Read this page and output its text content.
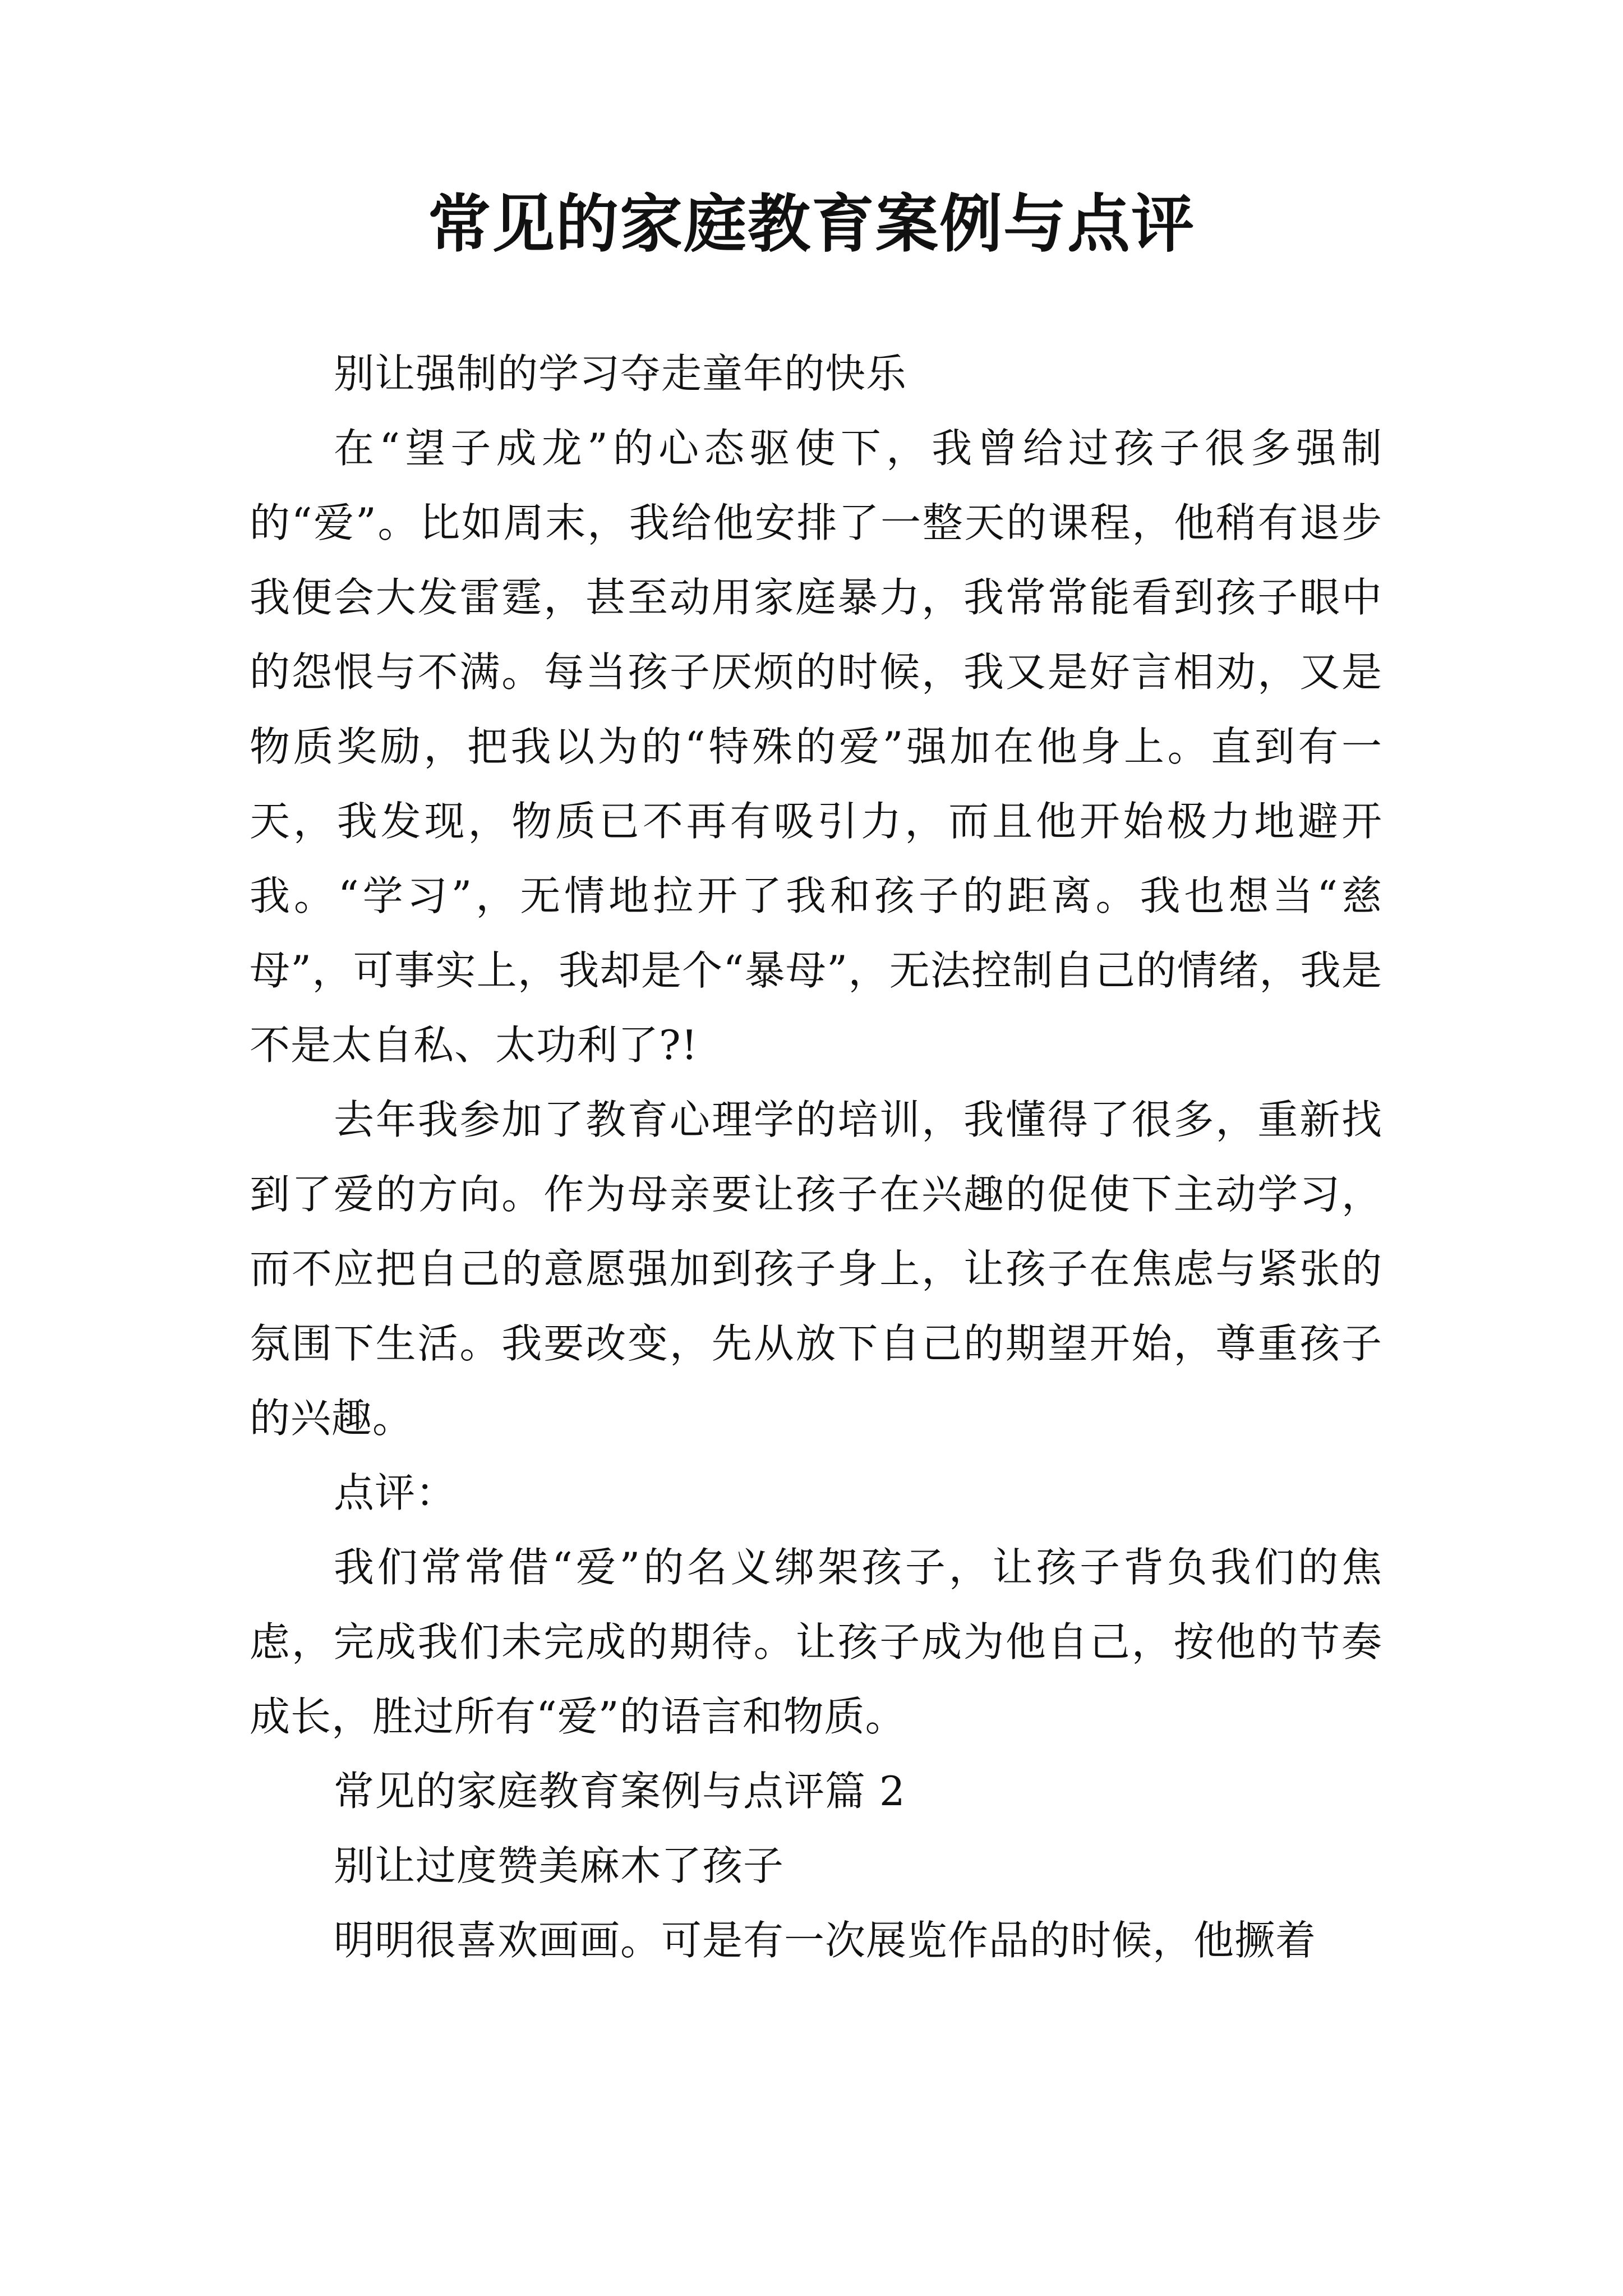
常见的家庭教育案例与点评

别让强制的学习夺走童年的快乐

在“望子成龙”的心态驱使下，我曾给过孩子很多强制的“爱”。比如周末，我给他安排了一整天的课程，他稍有退步我便会大发雷霆，甚至动用家庭暴力，我常常能看到孩子眼中的怨恨与不满。每当孩子厌烦的时候，我又是好言相劝，又是物质奖励，把我以为的“特殊的爱”强加在他身上。直到有一天，我发现，物质已不再有吸引力，而且他开始极力地避开我。“学习”，无情地拉开了我和孩子的距离。我也想当“慈母”，可事实上，我却是个“暴母”，无法控制自己的情绪，我是不是太自私、太功利了?!

去年我参加了教育心理学的培训，我懂得了很多，重新找到了爱的方向。作为母亲要让孩子在兴趣的促使下主动学习，而不应把自己的意愿强加到孩子身上，让孩子在焦虑与紧张的氛围下生活。我要改变，先从放下自己的期望开始，尊重孩子的兴趣。

点评：

我们常常借“爱”的名义绑架孩子，让孩子背负我们的焦虑，完成我们未完成的期待。让孩子成为他自己，按他的节奏成长，胜过所有“爱”的语言和物质。

常见的家庭教育案例与点评篇 2

别让过度赞美麻木了孩子

明明很喜欢画画。可是有一次展览作品的时候，他撅着
